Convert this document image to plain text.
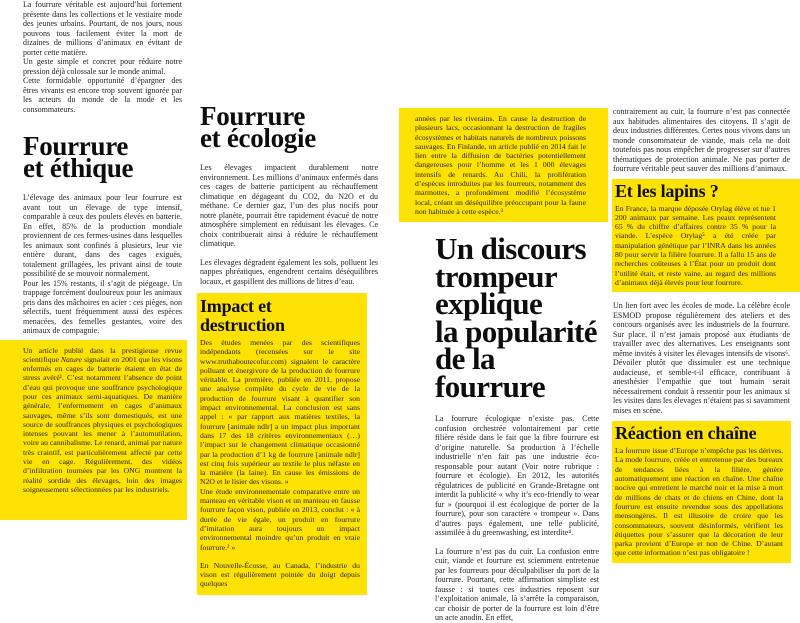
La fourrure véritable est aujourd’hui fortement présente dans les collections et le vestiaire mode des jeunes urbains. Pourtant, de nos jours, nous pouvons tous facilement éviter la mort de dizaines de millions d’animaux en évitant de porter cette matière.

Un geste simple et concret pour réduire notre pression déjà colossale sur le monde animal.

Cette formidable opportunité d’épargner des êtres vivants est encore trop souvent ignorée par les acteurs du monde de la mode et les consommateurs.

Fourrure
et éthique

L’élevage des animaux pour leur fourrure est avant tout un élevage de type intensif, comparable à ceux des poulets élevés en batterie. En effet, 85% de la production mondiale proviennent de ces fermes-usines dans lesquelles les animaux sont confinés à plusieurs, leur vie entière durant, dans des cages exiguës, totalement grillagées, les privant ainsi de toute possibilité de se mouvoir normalement.

Pour les 15% restants, il s’agit de piégeage. Un trappage forcément douloureux pour les animaux pris dans des mâchoires en acier : ces pièges, non sélectifs, tuent fréquemment aussi des espèces menacées, des femelles gestantes, voire des animaux de compagnie.

Un article publié dans la prestigieuse revue scientifique Nature signalait en 2001 que les visons enfermés en cages de batterie étaient en état de stress avéré¹. C’est notamment l’absence de point d’eau qui provoque une souffrance psychologique pour ces animaux semi-aquatiques. De manière générale, l’enfermement en cages d’animaux sauvages, même s’ils sont domestiqués, est une source de souffrances physiques et psychologiques intenses pouvant les mener à l’automutilation, voire au cannibalisme. Le renard, animal par nature très craintif, est particulièrement affecté par cette vie en cage. Régulièrement, des vidéos d’infiltration tournées par les ONG montrent la réalité sordide des élevages, loin des images soigneusement sélectionnées par les industriels.

Fourrure
et écologie

Les élevages impactent durablement notre environnement. Les millions d’animaux enfermés dans ces cages de batterie participent au réchauffement climatique en dégageant du CO2, du N2O et du méthane. Ce dernier gaz, l’un des plus nocifs pour notre planète, pourrait être rapidement évacué de notre atmosphère simplement en réduisant les élevages. Ce choix contribuerait ainsi à réduire le réchauffement climatique.

Les élevages dégradent également les sols, polluent les nappes phréatiques, engendrent certains déséquilibres locaux, et gaspillent des millions de litres d’eau.

Impact et destruction

Des études menées par des scientifiques indépendants (recensées sur le site www.truthaboutecofur.com) signalent le caractère polluant et énergivore de la production de fourrure véritable. La première, publiée en 2011, propose une analyse complète du cycle de vie de la production de fourrure visant à quantifier son impact environnemental. La conclusion est sans appel : « par rapport aux matières textiles, la fourrure [animale ndlr] a un impact plus important dans 17 des 18 critères environnementaux (…) l’impact sur le changement climatique occasionné par la production d’1 kg de fourrure [animale ndlr] est cinq fois supérieur au textile le plus néfaste en la matière (la laine). En cause les émissions de N2O et le lisier des visons. »

Une étude environnementale comparative entre un manteau en véritable vison et un manteau en fausse fourrure façon vison, publiée en 2013, conclut : « à durée de vie égale, un produit en fourrure d’imitation aura toujours un impact environnemental moindre qu’un produit en vraie fourrure.² »

En Nouvelle-Écosse, au Canada, l’industrie du vison est régulièrement pointée du doigt depuis quelques

années par les riverains. En cause la destruction de plusieurs lacs, occasionnant la destruction de fragiles écosystèmes et habitats naturels de nombreux poissons sauvages. En Finlande, un article publié en 2014 fait le lien entre la diffusion de bactéries potentiellement dangereuses pour l’homme et les 1 000 élevages intensifs de renards. Au Chili, la prolifération d’espèces introduites par les fourreurs, notamment des marmottes, a profondément modifié l’écosystème local, créant un déséquilibre préoccupant pour la faune non habituée à cette espèce.³

Un discours
trompeur
explique
la popularité
de la fourrure

La fourrure écologique n’existe pas. Cette confusion orchestrée volontairement par cette filière réside dans le fait que la fibre fourrure est d’origine naturelle. Sa production à l’échelle industrielle n’en fait pas une industrie éco-responsable pour autant (Voir notre rubrique : fourrure et écologie). En 2012, les autorités régulatrices de publicité en Grande-Bretagne ont interdit la publicité « why it’s eco-friendly to wear fur » (pourquoi il est écologique de porter de la fourrure), pour son caractère « trompeur ». Dans d’autres pays également, une telle publicité, assimilée à du greenwashing, est interdite⁴.

La fourrure n’est pas du cuir. La confusion entre cuir, viande et fourrure est sciemment entretenue par les fourreurs pour déculpabiliser du port de la fourrure. Pourtant, cette affirmation simpliste est fausse : si toutes ces industries reposent sur l’exploitation animale, là s’arrête la comparaison, car choisir de porter de la fourrure est loin d’être un acte anodin. En effet,

contrairement au cuir, la fourrure n’est pas connectée aux habitudes alimentaires des citoyens. Il s’agit de deux industries différentes. Certes nous vivons dans un monde consommateur de viande, mais cela ne doit toutefois pas nous empêcher de progresser sur d’autres thématiques de protection animale. Ne pas porter de fourrure véritable peut sauver des millions d’animaux.

Et les lapins ?

En France, la marque déposée Orylag élève et tue 1 200 animaux par semaine. Les peaux représentent 65 % du chiffre d’affaires contre 35 % pour la viande. L’espèce Orylag⁵ a été créée par manipulation génétique par l’INRA dans les années 80 pour servir la filière fourrure. Il a fallu 15 ans de recherches coûteuses à l’État pour un produit dont l’utilité était, et reste vaine, au regard des millions d’animaux déjà élevés pour leur fourrure.

Un lien fort avec les écoles de mode. La célèbre école ESMOD propose régulièrement des ateliers et des concours organisés avec les industriels de la fourrure. Sur place, il n’est jamais proposé aux étudiants de travailler avec des alternatives. Les enseignants sont même invités à visiter les élevages intensifs de visons⁶. Dévoiler plutôt que dissimuler est une technique audacieuse, et semble-t-il efficace, contribuant à anesthésier l’empathie que tout humain serait nécessairement conduit à ressentir pour les animaux si les visites dans les élevages n’étaient pas si savamment mises en scène.

Réaction en chaîne

La fourrure issue d’Europe n’empêche pas les dérives. La mode fourrure, créée et entretenue par des bureaux de tendances liées à la filière, génère automatiquement une réaction en chaîne. Une chaîne nocive qui entretient le marché noir et la mise à mort de millions de chats et de chiens en Chine, dont la fourrure est ensuite revendue sous des appellations mensongères. Il est illusoire de croire que les consommateurs, souvent désinformés, vérifient les étiquettes pour s’assurer que la décoration de leur parka provient d’Europe et non de Chine. D’autant que cette information n’est pas obligatoire !
